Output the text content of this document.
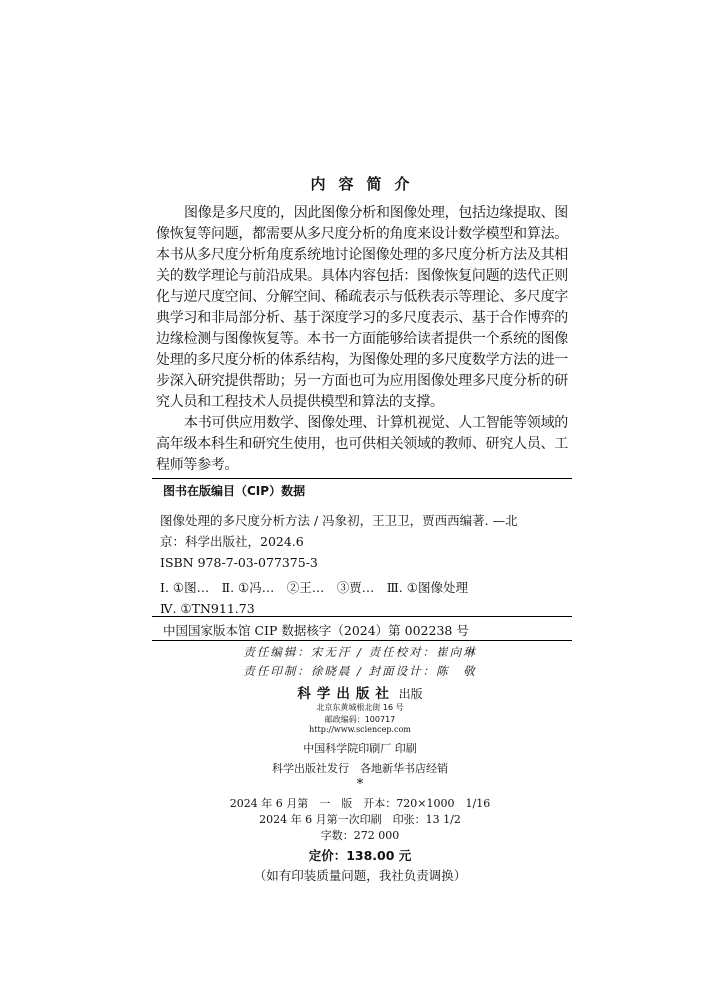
内容简介

图像是多尺度的，因此图像分析和图像处理，包括边缘提取、图像恢复等问题，都需要从多尺度分析的角度来设计数学模型和算法。本书从多尺度分析角度系统地讨论图像处理的多尺度分析方法及其相关的数学理论与前沿成果。具体内容包括：图像恢复问题的迭代正则化与逆尺度空间、分解空间、稀疏表示与低秩表示等理论、多尺度字典学习和非局部分析、基于深度学习的多尺度表示、基于合作博弈的边缘检测与图像恢复等。本书一方面能够给读者提供一个系统的图像处理的多尺度分析的体系结构，为图像处理的多尺度数学方法的进一步深入研究提供帮助；另一方面也可为应用图像处理多尺度分析的研究人员和工程技术人员提供模型和算法的支撑。

本书可供应用数学、图像处理、计算机视觉、人工智能等领域的高年级本科生和研究生使用，也可供相关领域的教师、研究人员、工程师等参考。

图书在版编目（CIP）数据
图像处理的多尺度分析方法 / 冯象初，王卫卫，贾西西编著. —北
京：科学出版社，2024.6
ISBN 978-7-03-077375-3
Ⅰ. ①图…　Ⅱ. ①冯…　②王…　③贾…　Ⅲ. ①图像处理
Ⅳ. ①TN911.73
中国国家版本馆 CIP 数据核字（2024）第 002238 号
责任编辑：宋无汗 / 责任校对：崔向琳
责任印制：徐晓晨 / 封面设计：陈　敬
科学出版社 出版
北京东黄城根北街 16 号
邮政编码：100717
http://www.sciencep.com
中国科学院印刷厂 印刷
科学出版社发行　各地新华书店经销
*
2024 年 6 月第　一　版　开本：720×1000　1/16
2024 年 6 月第一次印刷　印张：13 1/2
字数：272 000
定价：138.00 元
（如有印装质量问题，我社负责调换）
